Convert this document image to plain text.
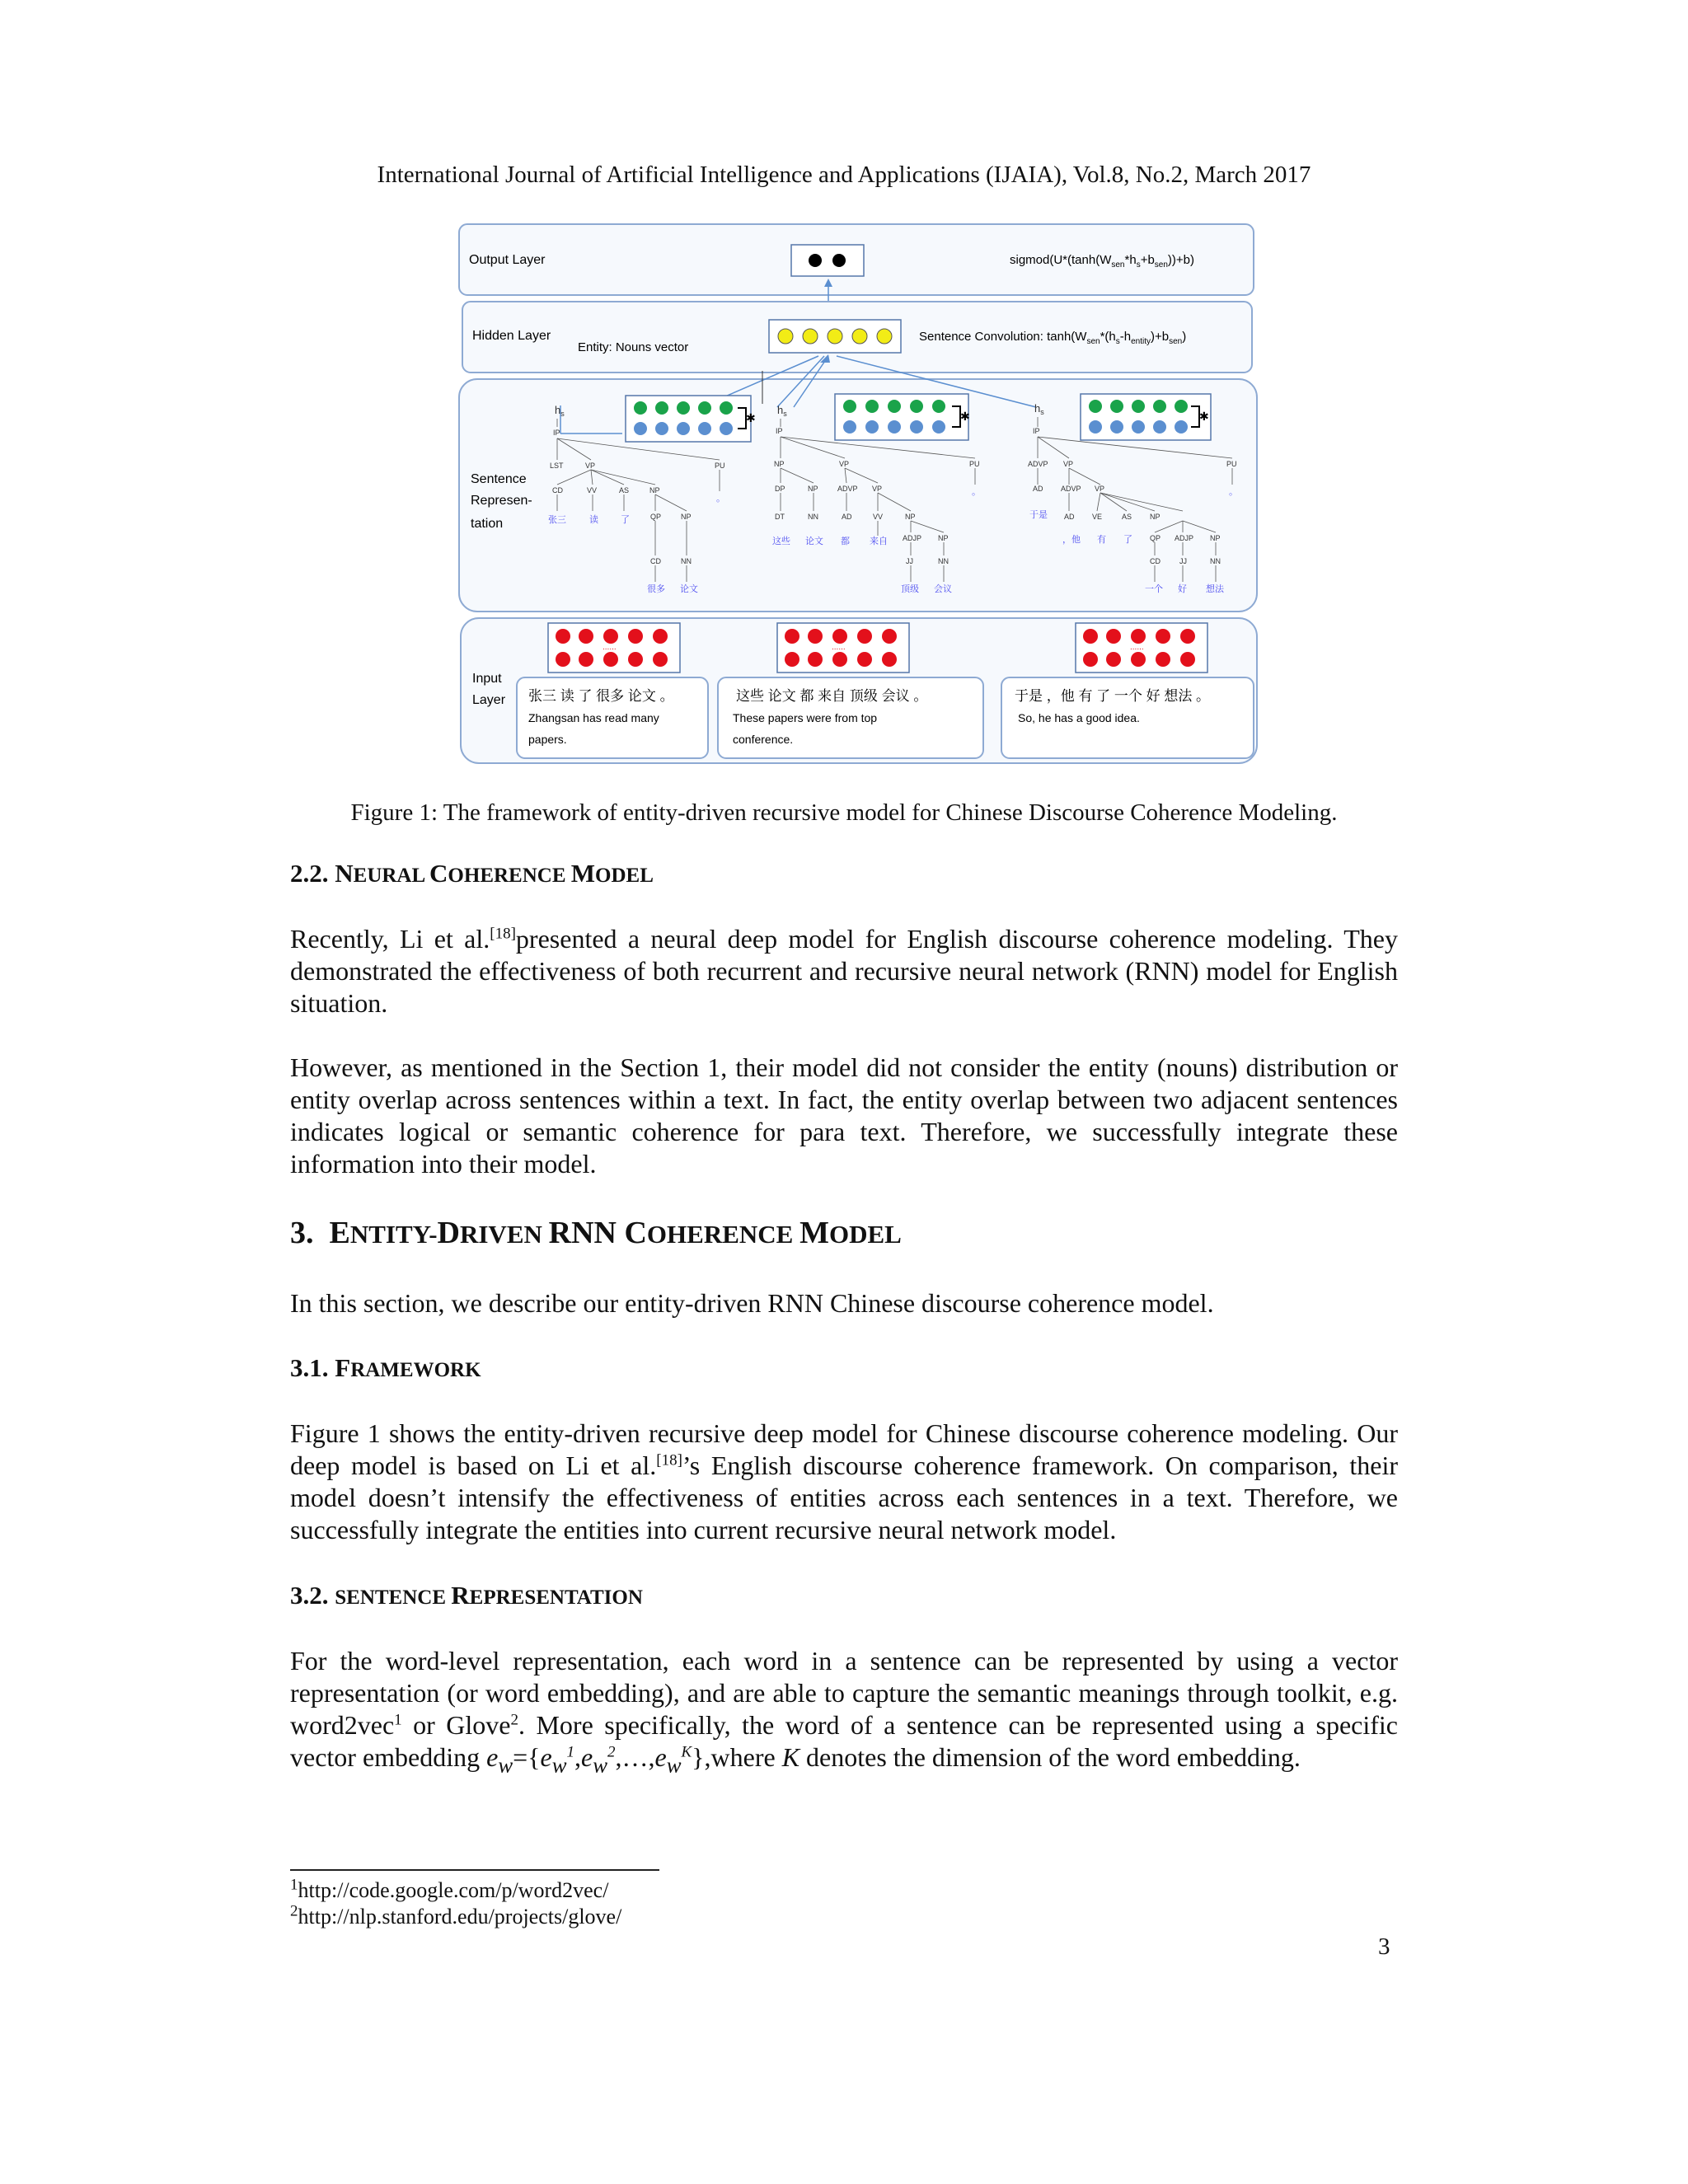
International Journal of Artificial Intelligence and Applications (IJAIA), Vol.8, No.2, March 2017
Output Layer	$sigmod(U*(\tanh(W_{sen}*h_s+b_{sen}))+b)$
Hidden Layer
Entity: Nouns vector
Sentence Convolution: $\tanh(W_{sen}*(h_s-h_{entity})+b_{sen})$
Sentence
Represen-
tation
✱	✱	✱
$h_s$
IP
LST	VP	PU
CD	VV	AS	NP
QP	NP
CD	NN
张三	读 了
很多 论文
。
$h_s$
IP
NP	VP	PU
DP	NP	ADVP VP
DT	NN	AD	VV	NP
ADJP NP
JJ	NN
这些 论文 都 来自
顶级 会议
。
$h_s$
IP
ADVP VP	PU
AD ADVP VP
AD VE	AS NP
QP ADJP NP
CD	JJ	NN
于是
，他 有 了
一个 好 想法
。
Input
Layer
......	......	......
张三 读 了 很多 论文 。
Zhangsan has read many
papers.
这些 论文 都 来自 顶级 会议 。
These papers were from top
conference.
于是 ，他 有 了 一个 好 想法 。
So, he has a good idea.
Figure 1: The framework of entity-driven recursive model for Chinese Discourse Coherence Modeling.
2.2. NEURAL COHERENCE MODEL

Recently, Li et al.[18]presented a neural deep model for English discourse coherence modeling. They demonstrated the effectiveness of both recurrent and recursive neural network (RNN) model for English situation.

However, as mentioned in the Section 1, their model did not consider the entity (nouns) distribution or entity overlap across sentences within a text. In fact, the entity overlap between two adjacent sentences indicates logical or semantic coherence for para text. Therefore, we successfully integrate these information into their model.

3. ENTITY-DRIVEN RNN COHERENCE MODEL

In this section, we describe our entity-driven RNN Chinese discourse coherence model.

3.1. FRAMEWORK

Figure 1 shows the entity-driven recursive deep model for Chinese discourse coherence modeling. Our deep model is based on Li et al.[18]’s English discourse coherence framework. On comparison, their model doesn’t intensify the effectiveness of entities across each sentences in a text. Therefore, we successfully integrate the entities into current recursive neural network model.

3.2. SENTENCE REPRESENTATION

For the word-level representation, each word in a sentence can be represented by using a vector representation (or word embedding), and are able to capture the semantic meanings through toolkit, e.g. word2vec$^1$ or Glove$^2$. More specifically, the word of a sentence can be represented using a specific vector embedding $e_w=\{e_w^1,e_w^2,\dots,e_w^K\},where$ K denotes the dimension of the word embedding.

$^1$http://code.google.com/p/word2vec/
$^2$http://nlp.stanford.edu/projects/glove/
3
